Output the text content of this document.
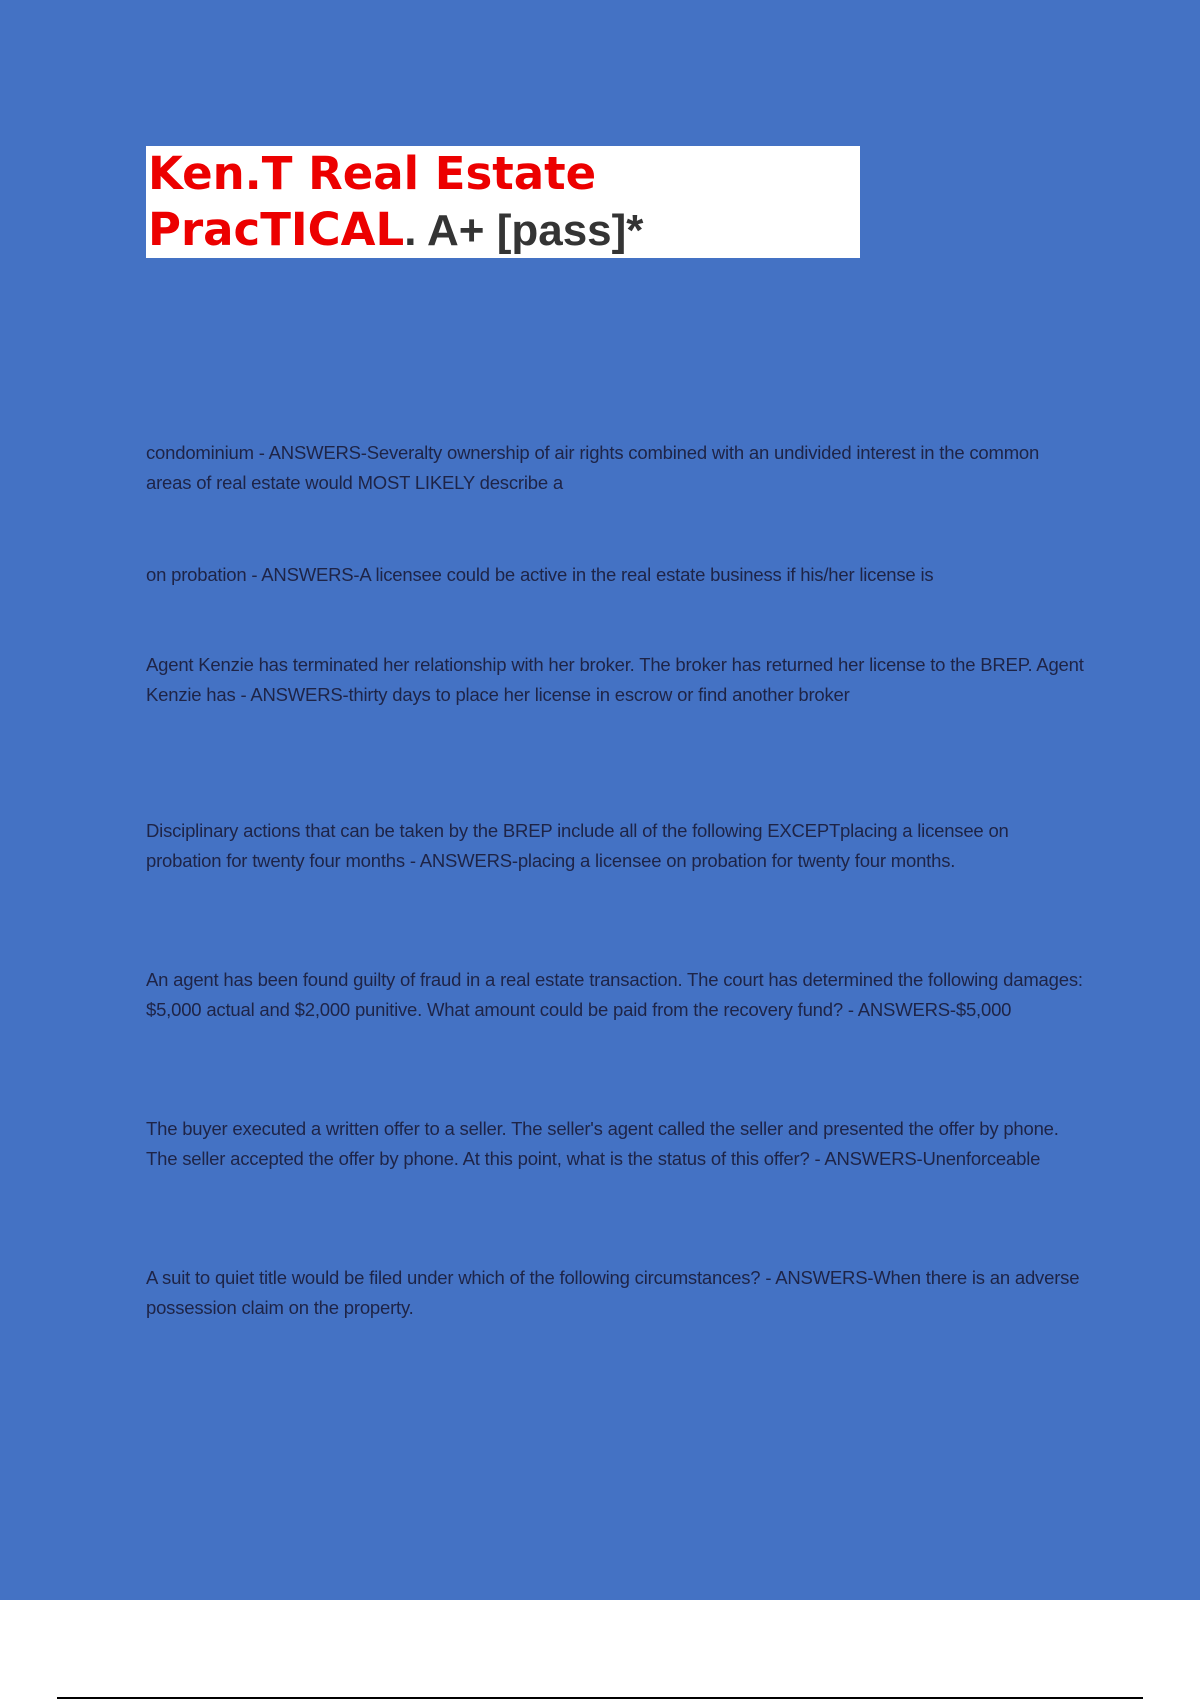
Ken.T Real Estate
PracTICAL. A+ [pass]*

condominium - ANSWERS-Severalty ownership of air rights combined with an undivided interest in the common areas of real estate would MOST LIKELY describe a

on probation - ANSWERS-A licensee could be active in the real estate business if his/her license is

Agent Kenzie has terminated her relationship with her broker. The broker has returned her license to the BREP. Agent Kenzie has - ANSWERS-thirty days to place her license in escrow or find another broker

Disciplinary actions that can be taken by the BREP include all of the following EXCEPTplacing a licensee on probation for twenty four months - ANSWERS-placing a licensee on probation for twenty four months.

An agent has been found guilty of fraud in a real estate transaction. The court has determined the following damages: $5,000 actual and $2,000 punitive. What amount could be paid from the recovery fund? - ANSWERS-$5,000

The buyer executed a written offer to a seller. The seller's agent called the seller and presented the offer by phone. The seller accepted the offer by phone. At this point, what is the status of this offer? - ANSWERS-Unenforceable

A suit to quiet title would be filed under which of the following circumstances? - ANSWERS-When there is an adverse possession claim on the property.
